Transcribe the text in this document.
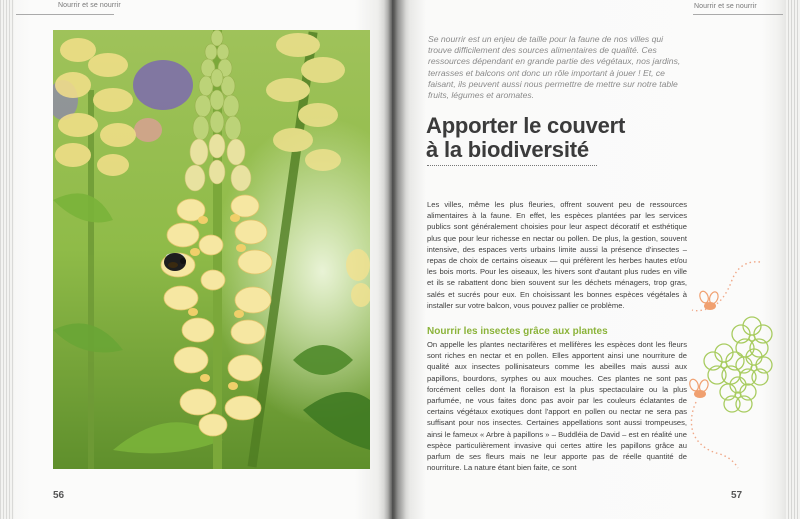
Nourrir et se nourrir	Nourrir et se nourrir
Se nourrir est un enjeu de taille pour la faune de nos villes qui trouve difficilement des sources alimentaires de qualité. Ces ressources dépendant en grande partie des végétaux, nos jardins, terrasses et balcons ont donc un rôle important à jouer ! Et, ce faisant, ils peuvent aussi nous permettre de mettre sur notre table fruits, légumes et aromates.
Apporter le couvert
à la biodiversité
Les villes, même les plus fleuries, offrent souvent peu de ressources alimentaires à la faune. En effet, les espèces plantées par les services publics sont généralement choisies pour leur aspect décoratif et esthétique plus que pour leur richesse en nectar ou pollen. De plus, la gestion, souvent intensive, des espaces verts urbains limite aussi la présence d'insectes – repas de choix de certains oiseaux — qui préfèrent les herbes hautes et/ou les bois morts. Pour les oiseaux, les hivers sont d'autant plus rudes en ville et ils se rabattent donc bien souvent sur les déchets ménagers, trop gras, salés et sucrés pour eux. En choisissant les bonnes espèces végétales à installer sur votre balcon, vous pouvez pallier ce problème.
Nourrir les insectes grâce aux plantes
On appelle les plantes nectarifères et mellifères les espèces dont les fleurs sont riches en nectar et en pollen. Elles apportent ainsi une nourriture de qualité aux insectes pollinisateurs comme les abeilles mais aussi aux papillons, bourdons, syrphes ou aux mouches. Ces plantes ne sont pas forcément celles dont la floraison est la plus spectaculaire ou la plus parfumée, ne vous faites donc pas avoir par les couleurs éclatantes de certains végétaux exotiques dont l'apport en pollen ou nectar ne sera pas suffisant pour nos insectes. Certaines appellations sont aussi trompeuses, ainsi le fameux « Arbre à papillons » – Buddléia de David – est en réalité une espèce particulièrement invasive qui certes attire les papillons grâce au parfum de ses fleurs mais ne leur apporte pas de réelle quantité de nourriture. La nature étant bien faite, ce sont
56	57
